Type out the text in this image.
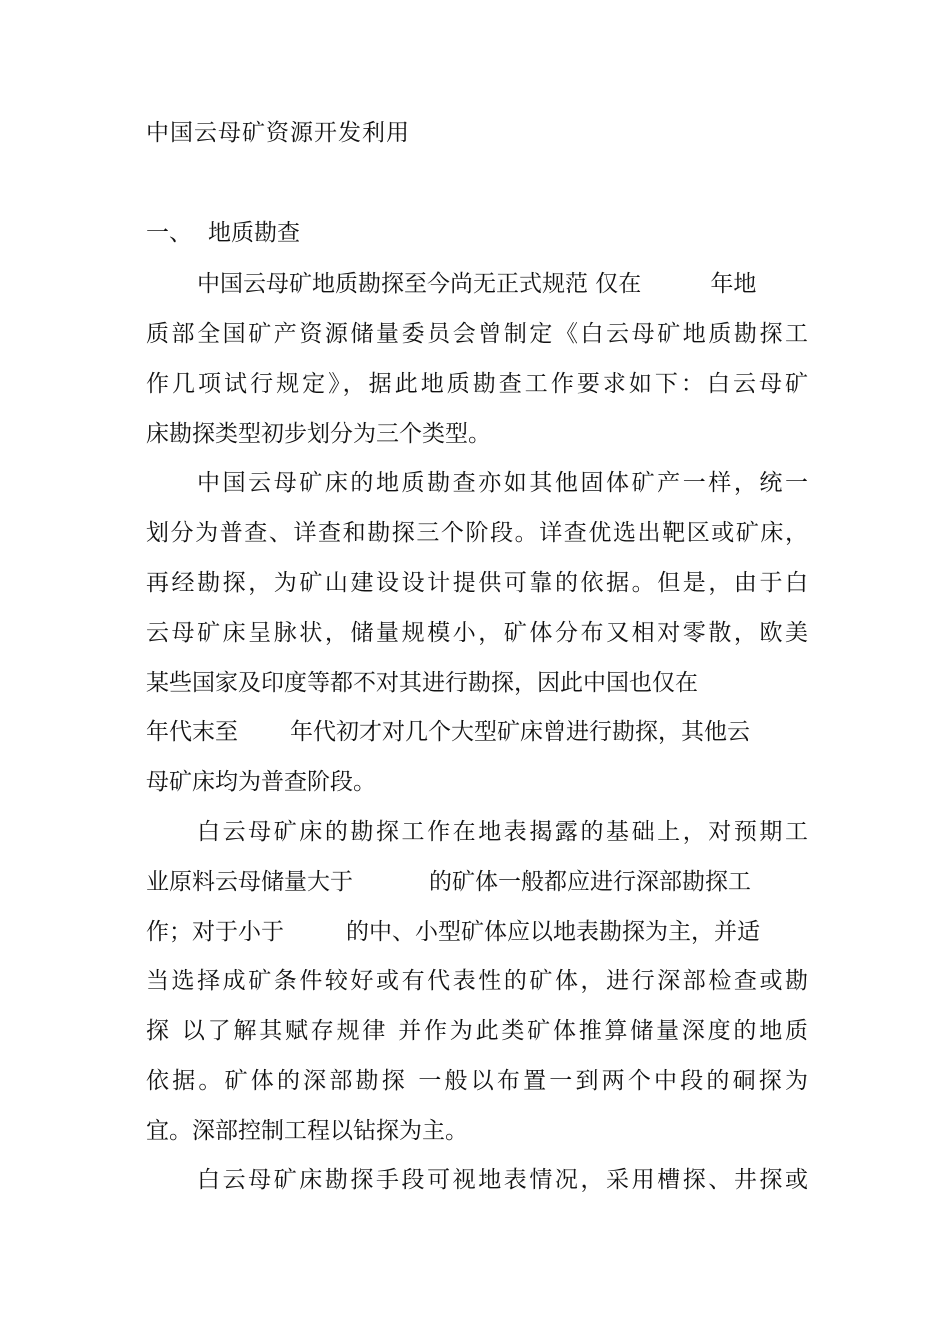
中国云母矿资源开发利用
一、 地质勘查
中国云母矿地质勘探至今尚无正式规范 仅在	年地
质部全国矿产资源储量委员会曾制定《白云母矿地质勘探工
作几项试行规定》，据此地质勘查工作要求如下：白云母矿
床勘探类型初步划分为三个类型。
中国云母矿床的地质勘查亦如其他固体矿产一样，统一
划分为普查、详查和勘探三个阶段。详查优选出靶区或矿床，
再经勘探，为矿山建设设计提供可靠的依据。但是，由于白
云母矿床呈脉状，储量规模小，矿体分布又相对零散，欧美
某些国家及印度等都不对其进行勘探，因此中国也仅在
年代末至 年代初才对几个大型矿床曾进行勘探，其他云
母矿床均为普查阶段。
白云母矿床的勘探工作在地表揭露的基础上，对预期工
业原料云母储量大于	的矿体一般都应进行深部勘探工
作；对于小于	的中、小型矿体应以地表勘探为主，并适
当选择成矿条件较好或有代表性的矿体，进行深部检查或勘
探 以了解其赋存规律 并作为此类矿体推算储量深度的地质
依据。矿体的深部勘探 一般以布置一到两个中段的硐探为
宜。深部控制工程以钻探为主。
白云母矿床勘探手段可视地表情况，采用槽探、井探或
